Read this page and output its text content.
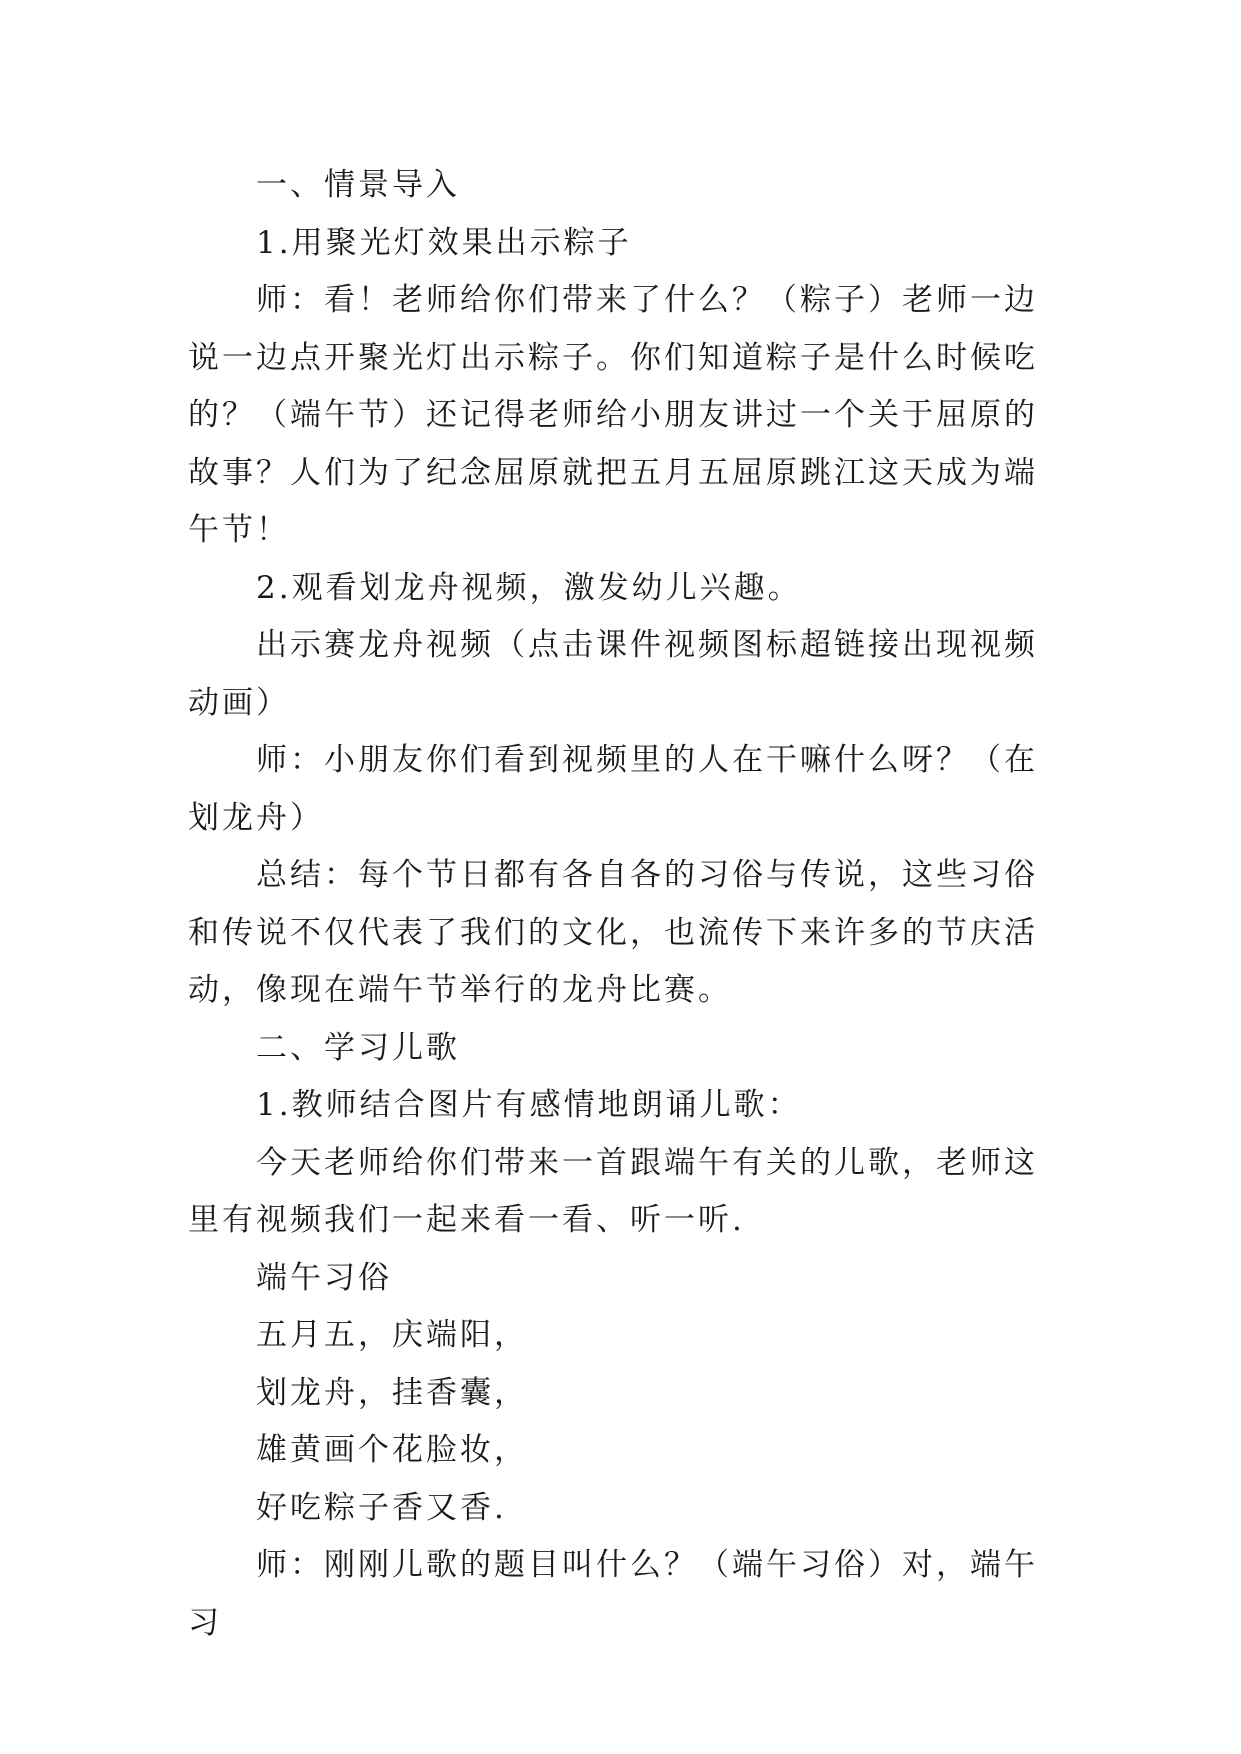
一、情景导入

1.用聚光灯效果出示粽子

师：看！老师给你们带来了什么？（粽子）老师一边说一边点开聚光灯出示粽子。你们知道粽子是什么时候吃的？（端午节）还记得老师给小朋友讲过一个关于屈原的故事？人们为了纪念屈原就把五月五屈原跳江这天成为端午节！

2.观看划龙舟视频，激发幼儿兴趣。

出示赛龙舟视频（点击课件视频图标超链接出现视频动画）

师：小朋友你们看到视频里的人在干嘛什么呀？（在划龙舟）

总结：每个节日都有各自各的习俗与传说，这些习俗和传说不仅代表了我们的文化，也流传下来许多的节庆活动，像现在端午节举行的龙舟比赛。

二、学习儿歌

1.教师结合图片有感情地朗诵儿歌：

今天老师给你们带来一首跟端午有关的儿歌，老师这里有视频我们一起来看一看、听一听.

端午习俗

五月五，庆端阳，

划龙舟，挂香囊，

雄黄画个花脸妆，

好吃粽子香又香.

师：刚刚儿歌的题目叫什么？（端午习俗）对，端午习
